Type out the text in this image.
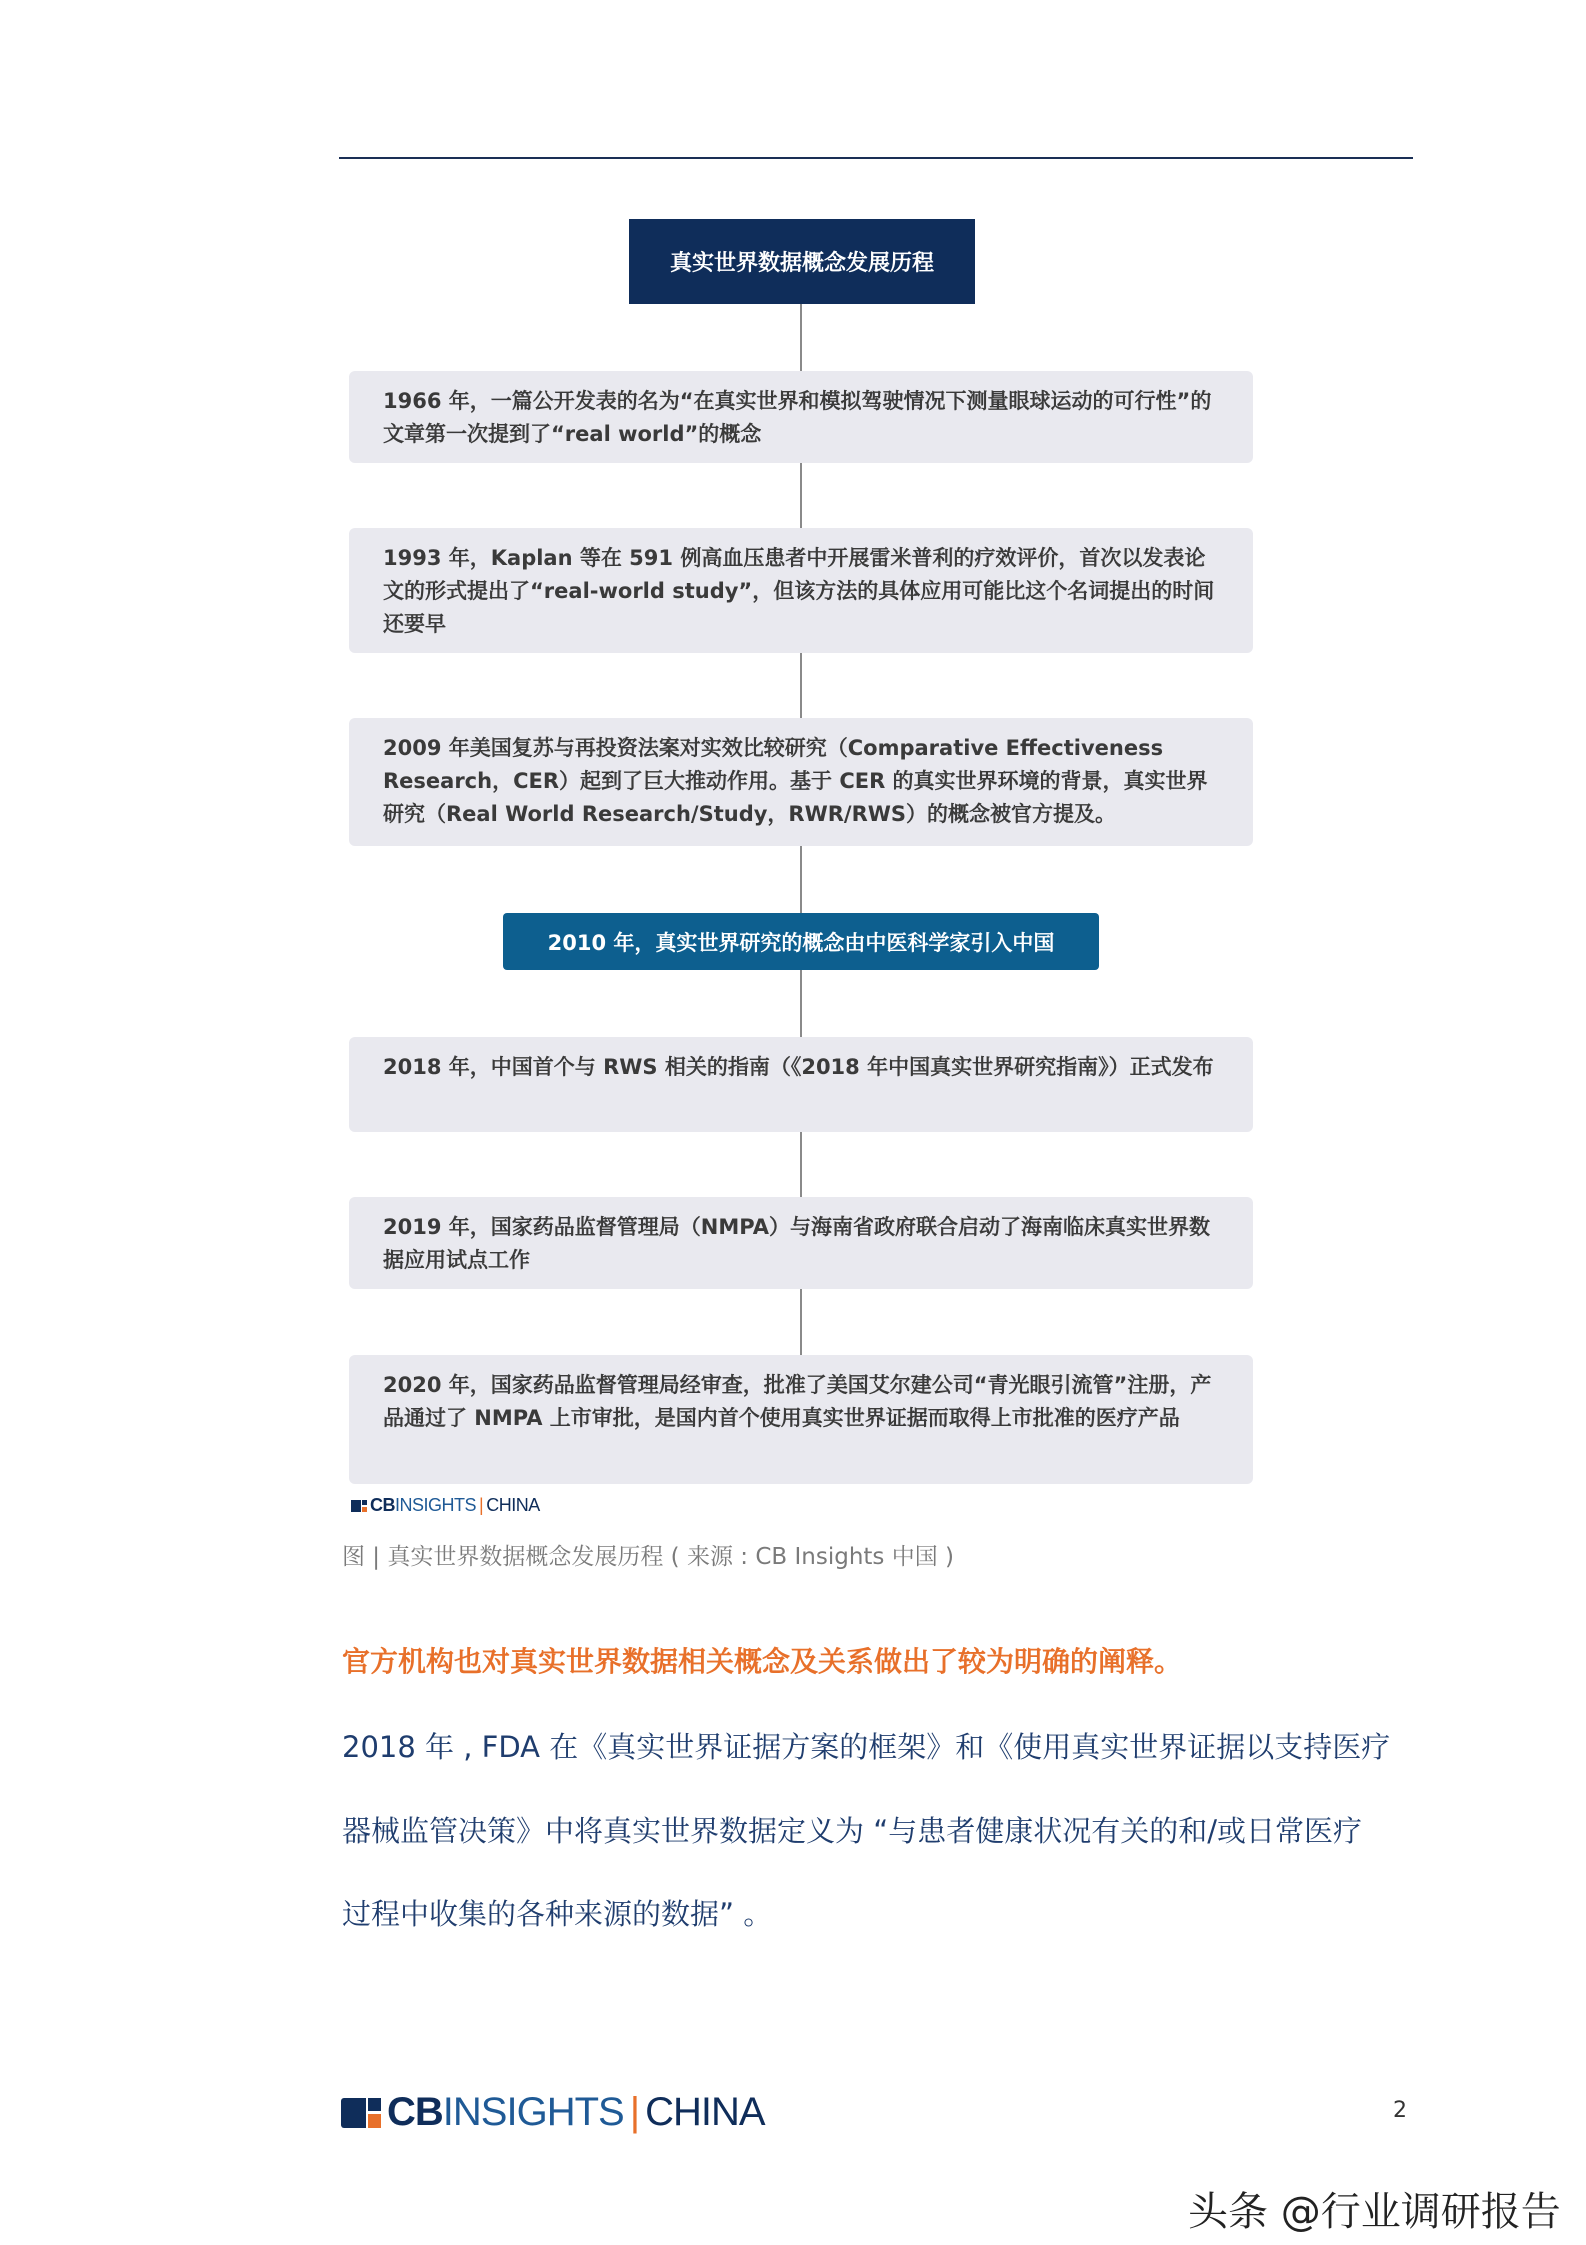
真实世界数据概念发展历程
1966 年，一篇公开发表的名为“在真实世界和模拟驾驶情况下测量眼球运动的可行性”的文章第一次提到了“real world”的概念
1993 年，Kaplan 等在 591 例高血压患者中开展雷米普利的疗效评价，首次以发表论文的形式提出了“real-world study”，但该方法的具体应用可能比这个名词提出的时间还要早
2009 年美国复苏与再投资法案对实效比较研究（Comparative Effectiveness Research，CER）起到了巨大推动作用。基于 CER 的真实世界环境的背景，真实世界研究（Real World Research/Study，RWR/RWS）的概念被官方提及。
2010 年，真实世界研究的概念由中医科学家引入中国
2018 年，中国首个与 RWS 相关的指南（《2018 年中国真实世界研究指南》）正式发布
2019 年，国家药品监督管理局（NMPA）与海南省政府联合启动了海南临床真实世界数据应用试点工作
2020 年，国家药品监督管理局经审查，批准了美国艾尔建公司“青光眼引流管”注册，产品通过了 NMPA 上市审批，是国内首个使用真实世界证据而取得上市批准的医疗产品
CB INSIGHTS | CHINA
图 | 真实世界数据概念发展历程 ( 来源 : CB Insights 中国 )
官方机构也对真实世界数据相关概念及关系做出了较为明确的阐释。
2018 年 , FDA 在《真实世界证据方案的框架》和《使用真实世界证据以支持医疗
器械监管决策》中将真实世界数据定义为 “与患者健康状况有关的和/或日常医疗
过程中收集的各种来源的数据” 。
CB INSIGHTS | CHINA	2
头条 @行业调研报告
